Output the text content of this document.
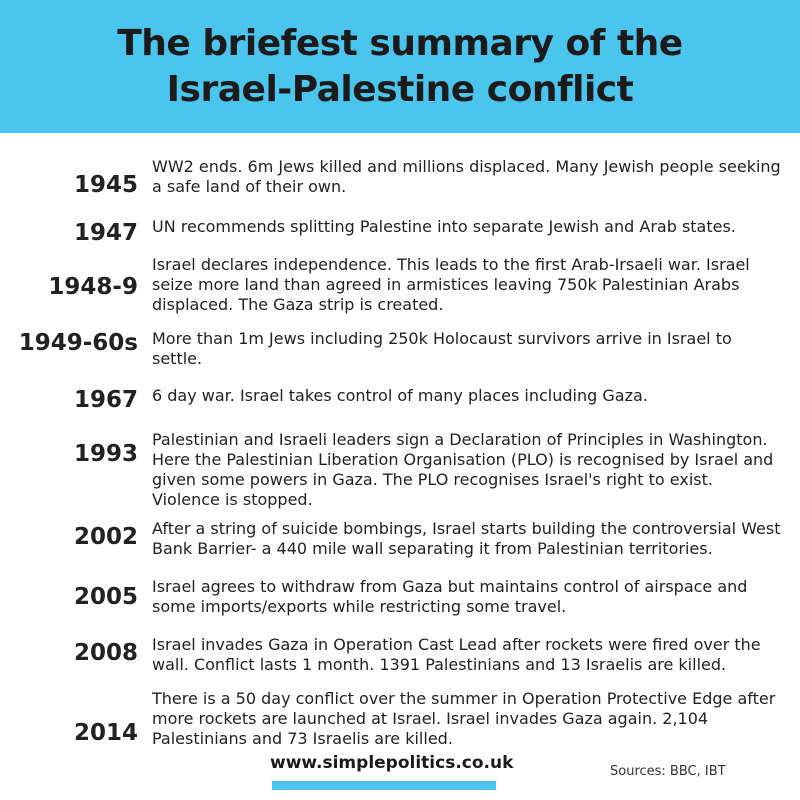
The briefest summary of the Israel-Palestine conflict
1945

WW2 ends. 6m Jews killed and millions displaced. Many Jewish people seeking a safe land of their own.

1947 UN recommends splitting Palestine into separate Jewish and Arab states.

1948-9

Israel declares independence. This leads to the first Arab-Irsaeli war. Israel seize more land than agreed in armistices leaving 750k Palestinian Arabs displaced. The Gaza strip is created.

1949-60s More than 1m Jews including 250k Holocaust survivors arrive in Israel to settle.

1967 6 day war. Israel takes control of many places including Gaza.

1993

Palestinian and Israeli leaders sign a Declaration of Principles in Washington. Here the Palestinian Liberation Organisation (PLO) is recognised by Israel and given some powers in Gaza. The PLO recognises Israel's right to exist. Violence is stopped.

2002 After a string of suicide bombings, Israel starts building the controversial West Bank Barrier- a 440 mile wall separating it from Palestinian territories.

2005 Israel agrees to withdraw from Gaza but maintains control of airspace and some imports/exports while restricting some travel.

2008 Israel invades Gaza in Operation Cast Lead after rockets were fired over the wall. Conflict lasts 1 month. 1391 Palestinians and 13 Israelis are killed.

2014

There is a 50 day conflict over the summer in Operation Protective Edge after more rockets are launched at Israel. Israel invades Gaza again. 2,104 Palestinians and 73 Israelis are killed.

www.simplepolitics.co.uk	Sources: BBC, IBT
